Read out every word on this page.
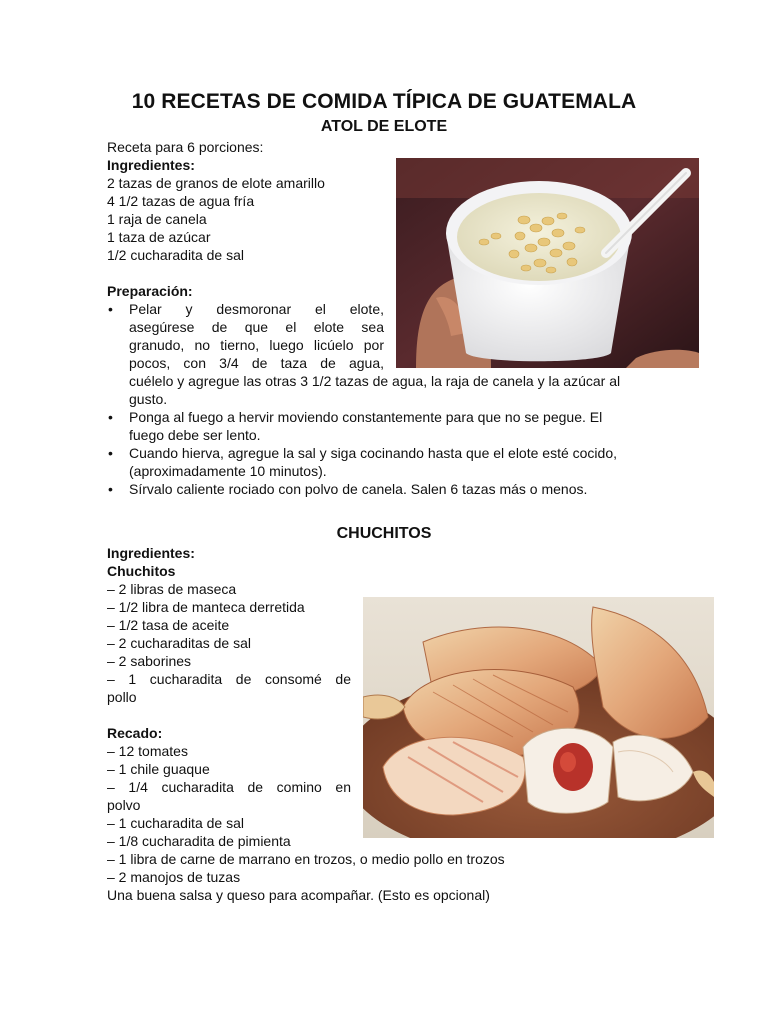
10 RECETAS DE COMIDA TÍPICA DE GUATEMALA
ATOL DE ELOTE
Receta para 6 porciones:
Ingredientes:
2 tazas de granos de elote amarillo
4 1/2 tazas de agua fría
1 raja de canela
1 taza de azúcar
1/2 cucharadita de sal

Preparación:
• Pelar y desmoronar el elote,
asegúrese de que el elote sea
granudo, no tierno, luego licúelo por
pocos, con 3/4 de taza de agua,
cuélelo y agregue las otras 3 1/2 tazas de agua, la raja de canela y la azúcar al
gusto.
• Ponga al fuego a hervir moviendo constantemente para que no se pegue. El
fuego debe ser lento.
• Cuando hierva, agregue la sal y siga cocinando hasta que el elote esté cocido,
(aproximadamente 10 minutos).
• Sírvalo caliente rociado con polvo de canela. Salen 6 tazas más o menos.
CHUCHITOS
Ingredientes:
Chuchitos
– 2 libras de maseca
– 1/2 libra de manteca derretida
– 1/2 tasa de aceite
– 2 cucharaditas de sal
– 2 saborines
– 1 cucharadita de consomé de
pollo

Recado:
– 12 tomates
– 1 chile guaque
– 1/4 cucharadita de comino en
polvo
– 1 cucharadita de sal
– 1/8 cucharadita de pimienta
– 1 libra de carne de marrano en trozos, o medio pollo en trozos
– 2 manojos de tuzas
Una buena salsa y queso para acompañar. (Esto es opcional)
